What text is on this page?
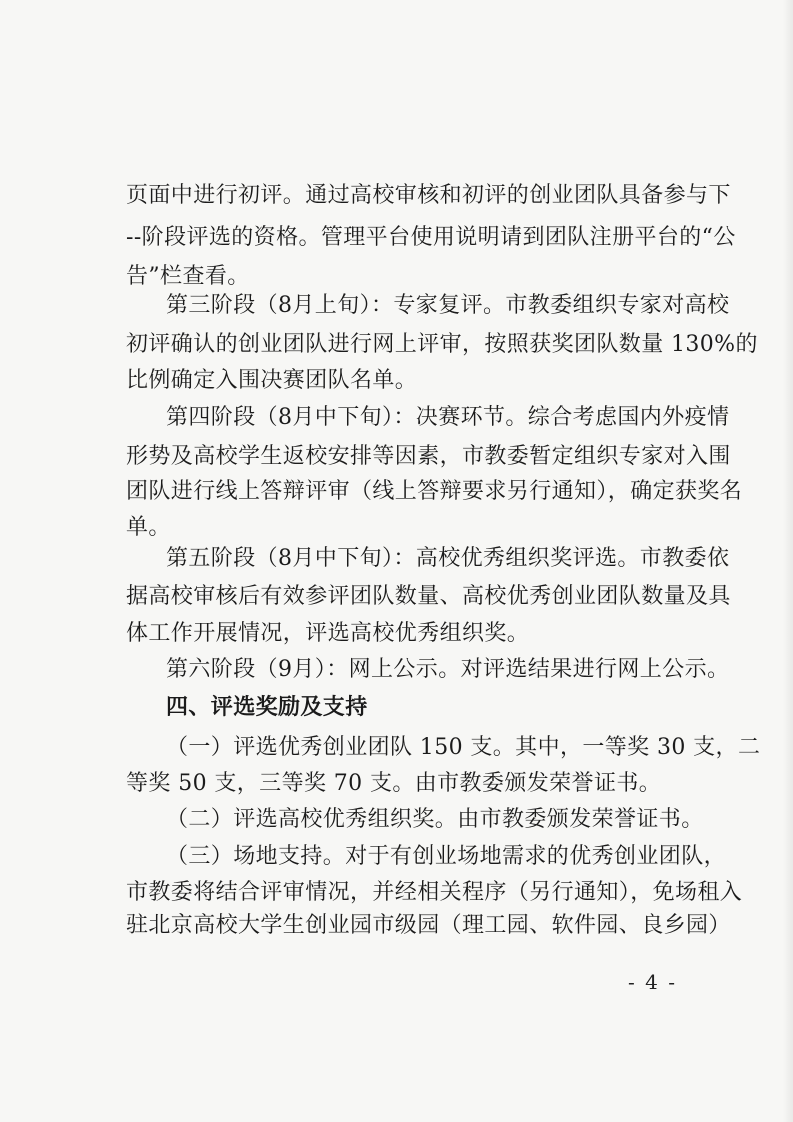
页面中进行初评。通过高校审核和初评的创业团队具备参与下
--阶段评选的资格。管理平台使用说明请到团队注册平台的“公
告”栏查看。
第三阶段（8月上旬）：专家复评。市教委组织专家对高校
初评确认的创业团队进行网上评审，按照获奖团队数量 130%的
比例确定入围决赛团队名单。
第四阶段（8月中下旬）：决赛环节。综合考虑国内外疫情
形势及高校学生返校安排等因素，市教委暂定组织专家对入围
团队进行线上答辩评审（线上答辩要求另行通知），确定获奖名
单。
第五阶段（8月中下旬）：高校优秀组织奖评选。市教委依
据高校审核后有效参评团队数量、高校优秀创业团队数量及具
体工作开展情况，评选高校优秀组织奖。
第六阶段（9月）：网上公示。对评选结果进行网上公示。
四、评选奖励及支持
（一）评选优秀创业团队 150 支。其中，一等奖 30 支，二
等奖 50 支，三等奖 70 支。由市教委颁发荣誉证书。
（二）评选高校优秀组织奖。由市教委颁发荣誉证书。
（三）场地支持。对于有创业场地需求的优秀创业团队，
市教委将结合评审情况，并经相关程序（另行通知），免场租入
驻北京高校大学生创业园市级园（理工园、软件园、良乡园）
- 4 -
